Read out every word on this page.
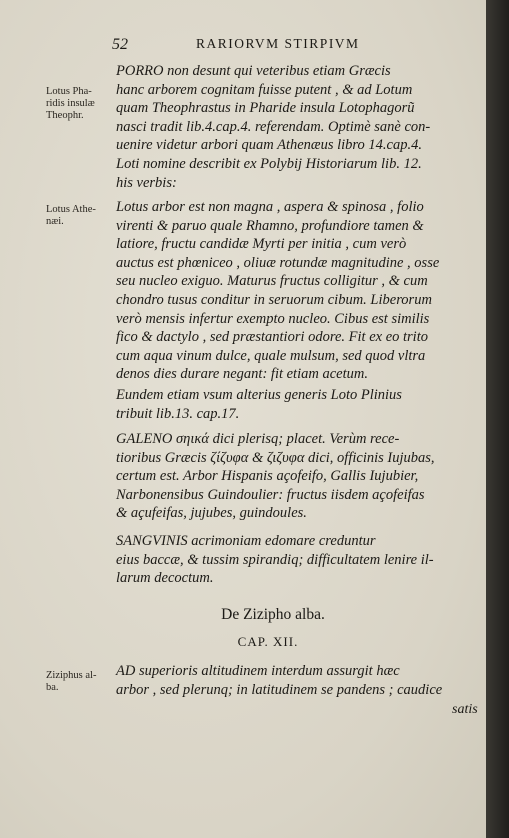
52	RARIORVM STIRPIVM
Lotus Pha-
ridis insulæ
Theophr.
Lotus Athe-
næi.
Ziziphus al-
ba.
PORRO non desunt qui veteribus etiam Græcis
hanc arborem cognitam fuisse putent , & ad Lotum
quam Theophrastus in Pharide insula Lotophagorũ
nasci tradit lib.4.cap.4. referendam. Optimè sanè con-
uenire videtur arbori quam Athenæus libro 14.cap.4.
Loti nomine describit ex Polybij Historiarum lib. 12.
his verbis:
Lotus arbor est non magna , aspera & spinosa , folio
virenti & paruo quale Rhamno, profundiore tamen &
latiore, fructu candidæ Myrti per initia , cum verò
auctus est phœniceo , oliuæ rotundæ magnitudine , osse
seu nucleo exiguo. Maturus fructus colligitur , & cum
chondro tusus conditur in seruorum cibum. Liberorum
verò mensis infertur exempto nucleo. Cibus est similis
fico & dactylo , sed præstantiori odore. Fit ex eo trito
cum aqua vinum dulce, quale mulsum, sed quod vltra
denos dies durare negant: fit etiam acetum.
Eundem etiam vsum alterius generis Loto Plinius
tribuit lib.13. cap.17.
GALENO σηικά dici plerisq; placet. Verùm rece-
tioribus Græcis ζίζυφα & ζιζυφα dici, officinis Iujubas,
certum est. Arbor Hispanis açofeifo, Gallis Iujubier,
Narbonensibus Guindoulier: fructus iisdem açofeifas
& açufeifas, jujubes, guindoules.
SANGVINIS acrimoniam edomare creduntur
eius baccæ, & tussim spirandiq; difficultatem lenire il-
larum decoctum.
De Zizipho alba.
CAP. XII.
AD superioris altitudinem interdum assurgit hæc
arbor , sed plerunq; in latitudinem se pandens ; caudice
satis
